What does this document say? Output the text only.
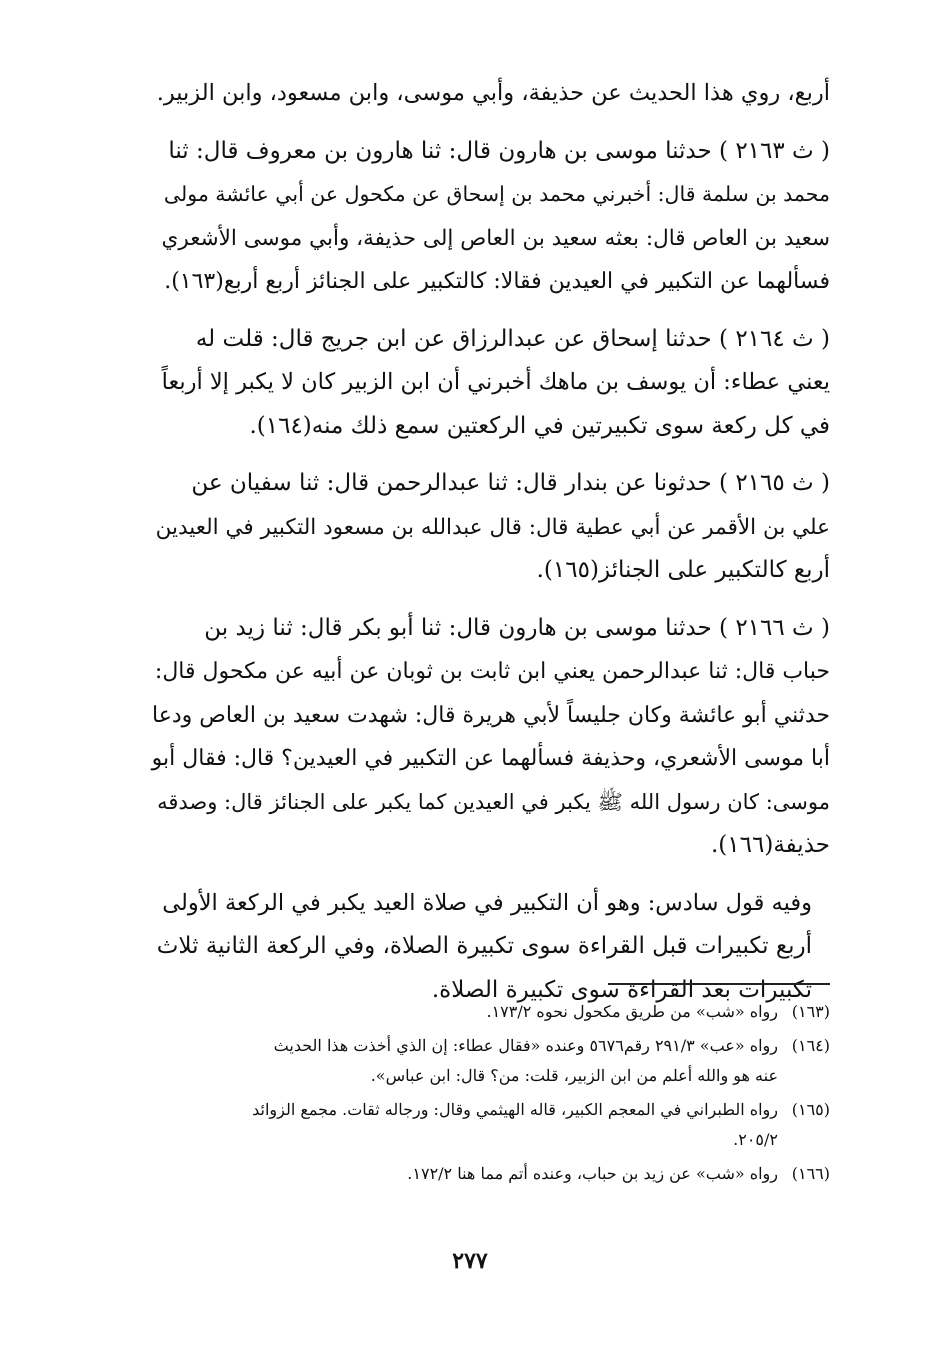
أربع، روي هذا الحديث عن حذيفة، وأبي موسى، وابن مسعود، وابن الزبير.

( ث ٢١٦٣ ) حدثنا موسى بن هارون قال: ثنا هارون بن معروف قال: ثنا
محمد بن سلمة قال: أخبرني محمد بن إسحاق عن مكحول عن أبي عائشة مولى
سعيد بن العاص قال: بعثه سعيد بن العاص إلى حذيفة، وأبي موسى الأشعري
فسألهما عن التكبير في العيدين فقالا: كالتكبير على الجنائز أربع أربع(١٦٣).

( ث ٢١٦٤ ) حدثنا إسحاق عن عبدالرزاق عن ابن جريج قال: قلت له
يعني عطاء: أن يوسف بن ماهك أخبرني أن ابن الزبير كان لا يكبر إلا أربعاً
في كل ركعة سوى تكبيرتين في الركعتين سمع ذلك منه(١٦٤).

( ث ٢١٦٥ ) حدثونا عن بندار قال: ثنا عبدالرحمن قال: ثنا سفيان عن
علي بن الأقمر عن أبي عطية قال: قال عبدالله بن مسعود التكبير في العيدين
أربع كالتكبير على الجنائز(١٦٥).

( ث ٢١٦٦ ) حدثنا موسى بن هارون قال: ثنا أبو بكر قال: ثنا زيد بن
حباب قال: ثنا عبدالرحمن يعني ابن ثابت بن ثوبان عن أبيه عن مكحول قال:
حدثني أبو عائشة وكان جليساً لأبي هريرة قال: شهدت سعيد بن العاص ودعا
أبا موسى الأشعري، وحذيفة فسألهما عن التكبير في العيدين؟ قال: فقال أبو
موسى: كان رسول الله ﷺ يكبر في العيدين كما يكبر على الجنائز قال: وصدقه
حذيفة(١٦٦).

وفيه قول سادس: وهو أن التكبير في صلاة العيد يكبر في الركعة الأولى
أربع تكبيرات قبل القراءة سوى تكبيرة الصلاة، وفي الركعة الثانية ثلاث
تكبيرات بعد القراءة سوى تكبيرة الصلاة.

(١٦٣)رواه «شب» من طريق مكحول نحوه ١٧٣/٢.
(١٦٤)رواه «عب» ٢٩١/٣ رقم٥٦٧٦ وعنده «فقال عطاء: إن الذي أخذت هذا الحديث
عنه هو والله أعلم من ابن الزبير، قلت: من؟ قال: ابن عباس».
(١٦٥)رواه الطبراني في المعجم الكبير، قاله الهيثمي وقال: ورجاله ثقات. مجمع الزوائد
٢٠٥/٢.
(١٦٦)رواه «شب» عن زيد بن حباب، وعنده أتم مما هنا ١٧٢/٢.
٢٧٧
